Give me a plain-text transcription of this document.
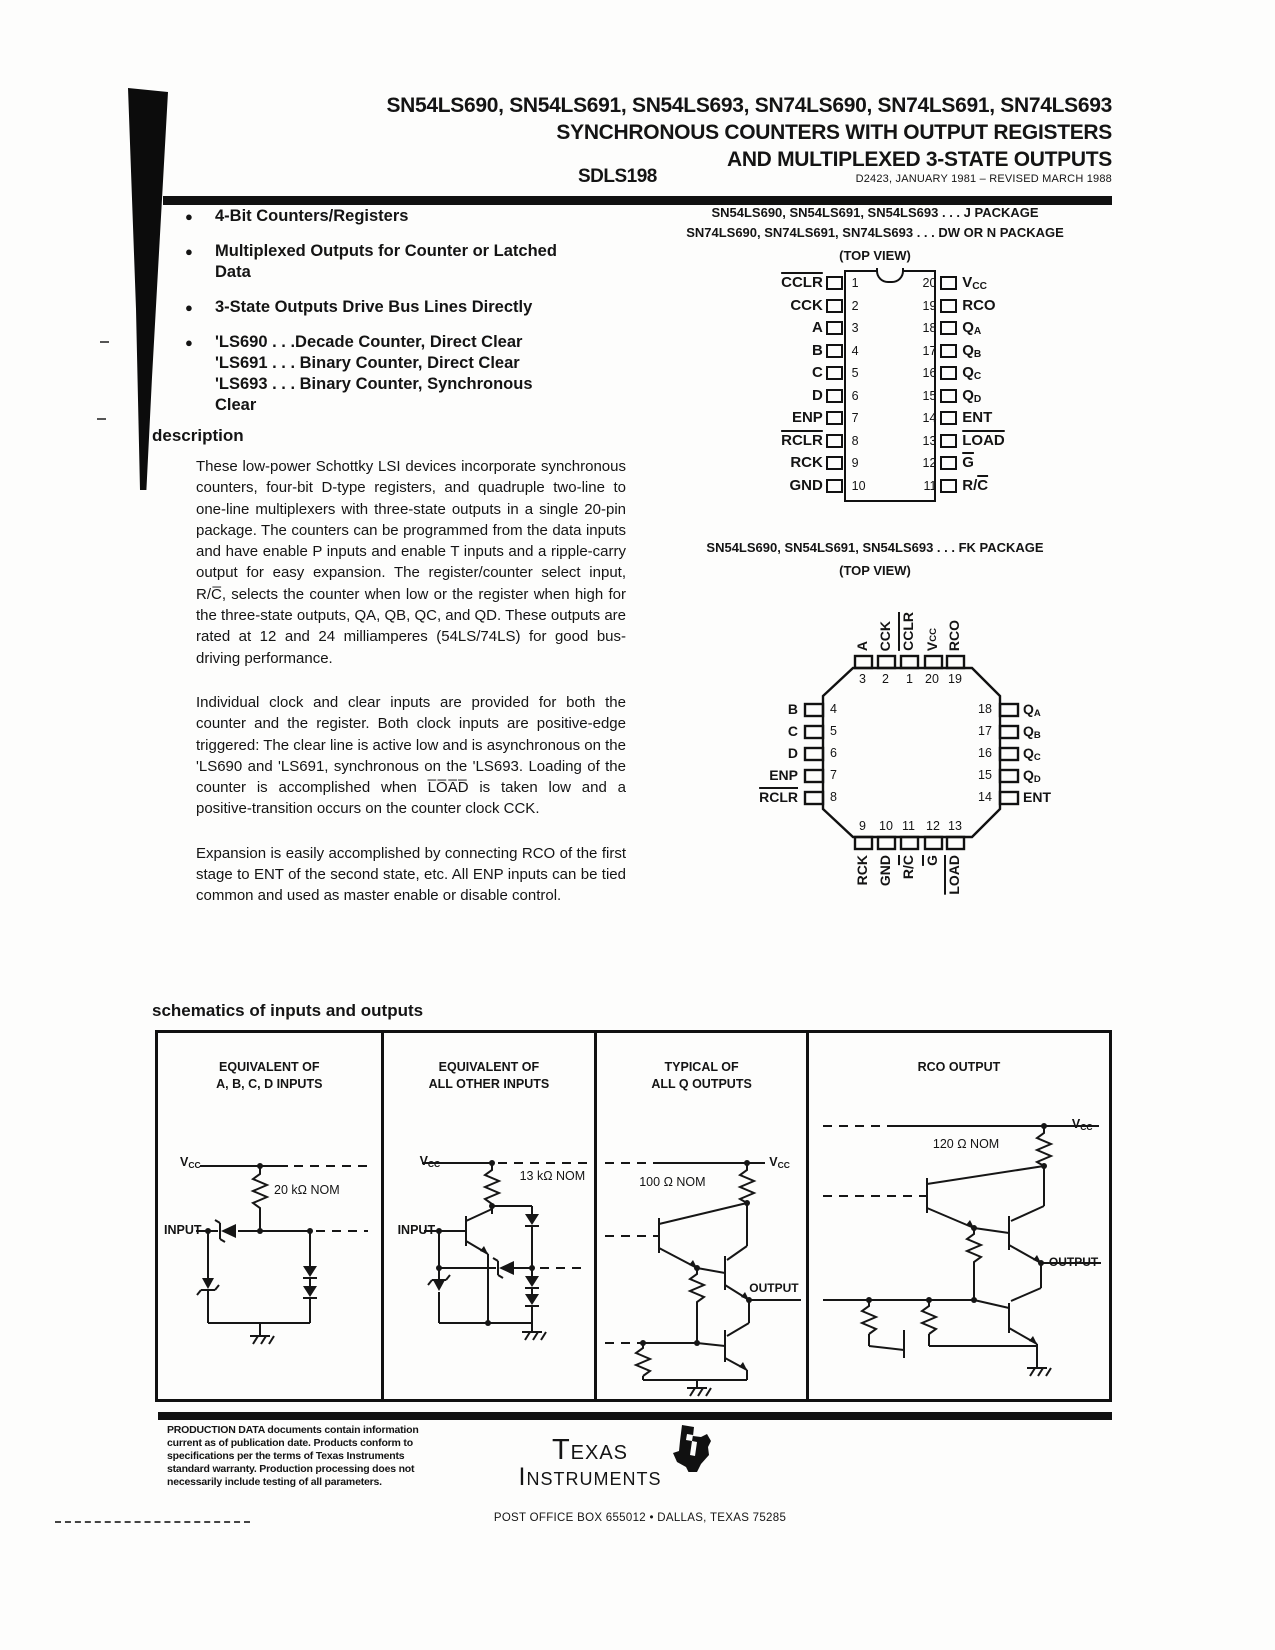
SN54LS690, SN54LS691, SN54LS693, SN74LS690, SN74LS691, SN74LS693
SYNCHRONOUS COUNTERS WITH OUTPUT REGISTERS
AND MULTIPLEXED 3-STATE OUTPUTS
SDLS198	D2423, JANUARY 1981 – REVISED MARCH 1988
●	4-Bit Counters/Registers
●	Multiplexed Outputs for Counter or Latched
Data
●	3-State Outputs Drive Bus Lines Directly
●	'LS690 . . .Decade Counter, Direct Clear
'LS691 . . . Binary Counter, Direct Clear
'LS693 . . . Binary Counter, Synchronous
Clear
SN54LS690, SN54LS691, SN54LS693 . . . J PACKAGE
SN74LS690, SN74LS691, SN74LS693 . . . DW OR N PACKAGE
(TOP VIEW)
CCLR	1	20	VCC
CCK	2	19	RCO
A	3	18	QA
B	4	17	QB
C	5	16	QC
D	6	15	QD
ENP	7	14	ENT
RCLR	8	13	LOAD
RCK	9	12	$\overline{G}$
GND	10	11	$R/\overline{C}$
description

These low-power Schottky LSI devices incorporate synchronous counters, four-bit D-type registers, and quadruple two-line to one-line multiplexers with three-state outputs in a single 20-pin package. The counters can be programmed from the data inputs and have enable P inputs and enable T inputs and a ripple-carry output for easy expansion. The register/counter select input, R/C̅, selects the counter when low or the register when high for the three-state outputs, QA, QB, QC, and QD. These outputs are rated at 12 and 24 milliamperes (54LS/74LS) for good bus-driving performance.

Individual clock and clear inputs are provided for both the counter and the register. Both clock inputs are positive-edge triggered: The clear line is active low and is asynchronous on the 'LS690 and 'LS691, synchronous on the 'LS693. Loading of the counter is accomplished when L̅O̅A̅D̅ is taken low and a positive-transition occurs on the counter clock CCK.

Expansion is easily accomplished by connecting RCO of the first stage to ENT of the second state, etc. All ENP inputs can be tied common and used as master enable or disable control.

SN54LS690, SN54LS691, SN54LS693 . . . FK PACKAGE
(TOP VIEW)
3 2 1 20 19
A CCK CCLR VCC RCO
4
5
6
7
8
B
C
D
ENP
RCLR
18
17
16
15
14
QA
QB
QC
QD
ENT
9 10 11 12 13
RCK GND R/C G LOAD
schematics of inputs and outputs
EQUIVALENT OF
A, B, C, D INPUTS
VCC
20 kΩ NOM
INPUT
EQUIVALENT OF
ALL OTHER INPUTS
VCC
13 kΩ NOM
INPUT
TYPICAL OF
ALL Q OUTPUTS
VCC
100 Ω NOM
OUTPUT
RCO OUTPUT
VCC
120 Ω NOM
OUTPUT
PRODUCTION DATA documents contain information
current as of publication date. Products conform to
specifications per the terms of Texas Instruments
standard warranty. Production processing does not
necessarily include testing of all parameters.
Texas
Instruments
POST OFFICE BOX 655012 • DALLAS, TEXAS 75285
